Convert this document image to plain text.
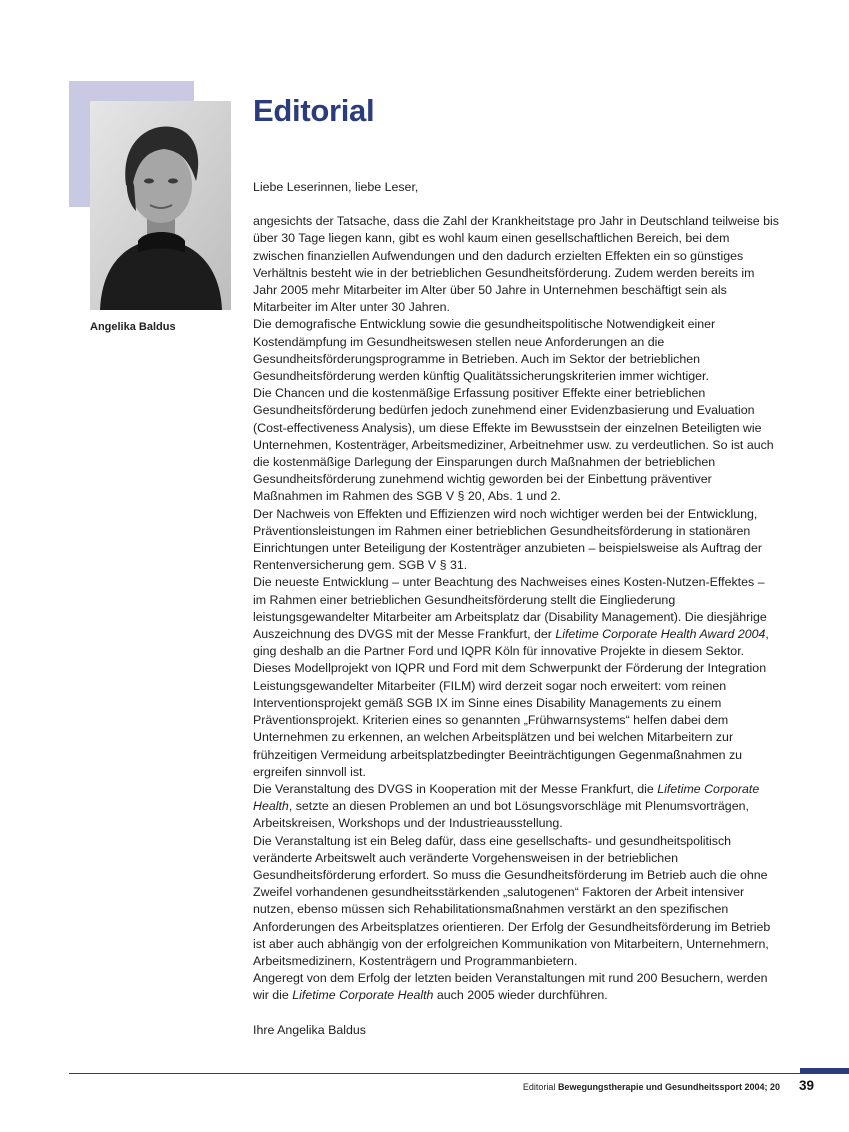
Angelika Baldus
Editorial

Liebe Leserinnen, liebe Leser,

angesichts der Tatsache, dass die Zahl der Krankheitstage pro Jahr in Deutschland teilweise bis über 30 Tage liegen kann, gibt es wohl kaum einen gesellschaftlichen Bereich, bei dem zwischen finanziellen Aufwendungen und den dadurch erzielten Effekten ein so günstiges Verhältnis besteht wie in der betrieblichen Gesundheitsförderung. Zudem werden bereits im Jahr 2005 mehr Mitarbeiter im Alter über 50 Jahre in Unternehmen beschäftigt sein als Mitarbeiter im Alter unter 30 Jahren.

Die demografische Entwicklung sowie die gesundheitspolitische Notwendigkeit einer Kostendämpfung im Gesundheitswesen stellen neue Anforderungen an die Gesundheitsförderungsprogramme in Betrieben. Auch im Sektor der betrieblichen Gesundheitsförderung werden künftig Qualitätssicherungskriterien immer wichtiger.

Die Chancen und die kostenmäßige Erfassung positiver Effekte einer betrieblichen Gesundheitsförderung bedürfen jedoch zunehmend einer Evidenzbasierung und Evaluation (Cost-effectiveness Analysis), um diese Effekte im Bewusstsein der einzelnen Beteiligten wie Unternehmen, Kostenträger, Arbeitsmediziner, Arbeitnehmer usw. zu verdeutlichen. So ist auch die kostenmäßige Darlegung der Einsparungen durch Maßnahmen der betrieblichen Gesundheitsförderung zunehmend wichtig geworden bei der Einbettung präventiver Maßnahmen im Rahmen des SGB V § 20, Abs. 1 und 2.

Der Nachweis von Effekten und Effizienzen wird noch wichtiger werden bei der Entwicklung, Präventionsleistungen im Rahmen einer betrieblichen Gesundheitsförderung in stationären Einrichtungen unter Beteiligung der Kostenträger anzubieten – beispielsweise als Auftrag der Rentenversicherung gem. SGB V § 31.

Die neueste Entwicklung – unter Beachtung des Nachweises eines Kosten-Nutzen-Effektes – im Rahmen einer betrieblichen Gesundheitsförderung stellt die Eingliederung leistungsgewandelter Mitarbeiter am Arbeitsplatz dar (Disability Management). Die diesjährige Auszeichnung des DVGS mit der Messe Frankfurt, der Lifetime Corporate Health Award 2004, ging deshalb an die Partner Ford und IQPR Köln für innovative Projekte in diesem Sektor.

Dieses Modellprojekt von IQPR und Ford mit dem Schwerpunkt der Förderung der Integration Leistungsgewandelter Mitarbeiter (FILM) wird derzeit sogar noch erweitert: vom reinen Interventionsprojekt gemäß SGB IX im Sinne eines Disability Managements zu einem Präventionsprojekt. Kriterien eines so genannten „Frühwarnsystems“ helfen dabei dem Unternehmen zu erkennen, an welchen Arbeitsplätzen und bei welchen Mitarbeitern zur frühzeitigen Vermeidung arbeitsplatzbedingter Beeinträchtigungen Gegenmaßnahmen zu ergreifen sinnvoll ist.

Die Veranstaltung des DVGS in Kooperation mit der Messe Frankfurt, die Lifetime Corporate Health, setzte an diesen Problemen an und bot Lösungsvorschläge mit Plenumsvorträgen, Arbeitskreisen, Workshops und der Industrieausstellung.

Die Veranstaltung ist ein Beleg dafür, dass eine gesellschafts- und gesundheitspolitisch veränderte Arbeitswelt auch veränderte Vorgehensweisen in der betrieblichen Gesundheitsförderung erfordert. So muss die Gesundheitsförderung im Betrieb auch die ohne Zweifel vorhandenen gesundheitsstärkenden „salutogenen“ Faktoren der Arbeit intensiver nutzen, ebenso müssen sich Rehabilitationsmaßnahmen verstärkt an den spezifischen Anforderungen des Arbeitsplatzes orientieren. Der Erfolg der Gesundheitsförderung im Betrieb ist aber auch abhängig von der erfolgreichen Kommunikation von Mitarbeitern, Unternehmern, Arbeitsmedizinern, Kostenträgern und Programmanbietern.

Angeregt von dem Erfolg der letzten beiden Veranstaltungen mit rund 200 Besuchern, werden wir die Lifetime Corporate Health auch 2005 wieder durchführen.

Ihre Angelika Baldus

Editorial Bewegungstherapie und Gesundheitssport 2004; 20 39
